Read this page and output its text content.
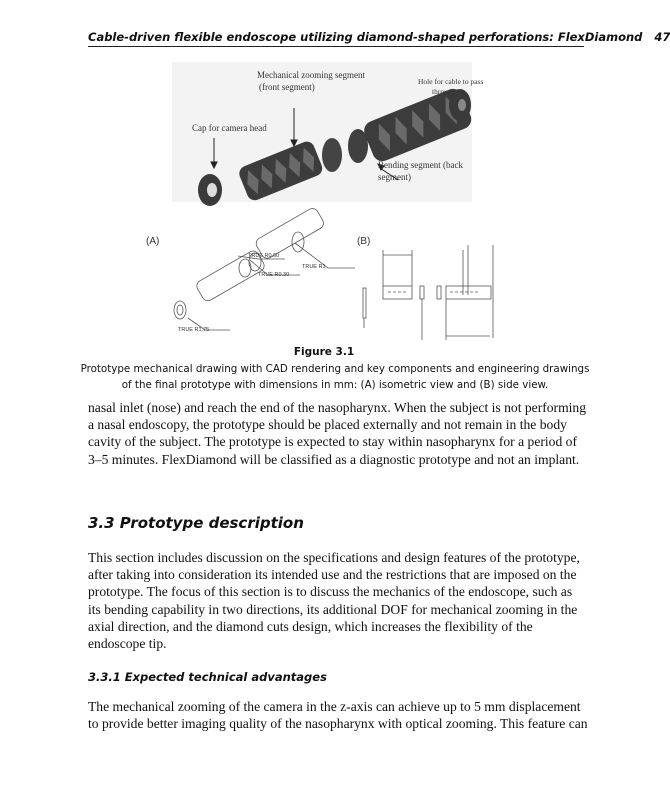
Cable-driven flexible endoscope utilizing diamond-shaped perforations: FlexDiamond 47
Mechanical zooming segment
(front segment)
Hole for cable to pass
through
Cap for camera head
Bending segment (back
segment)
(A)	(B)
TRUE R1
TRUE R0.30
TRUE R0.60
TRUE R1.75
Figure 3.1
Prototype mechanical drawing with CAD rendering and key components and engineering drawings
of the final prototype with dimensions in mm: (A) isometric view and (B) side view.

nasal inlet (nose) and reach the end of the nasopharynx. When the subject is not performing a nasal endoscopy, the prototype should be placed externally and not remain in the body cavity of the subject. The prototype is expected to stay within nasopharynx for a period of 3–5 minutes. FlexDiamond will be classified as a diagnostic prototype and not an implant.

3.3 Prototype description

This section includes discussion on the specifications and design features of the prototype, after taking into consideration its intended use and the restrictions that are imposed on the prototype. The focus of this section is to discuss the mechanics of the endoscope, such as its bending capability in two directions, its additional DOF for mechanical zooming in the axial direction, and the diamond cuts design, which increases the flexibility of the endoscope tip.

3.3.1 Expected technical advantages

The mechanical zooming of the camera in the z-axis can achieve up to 5 mm displacement to provide better imaging quality of the nasopharynx with optical zooming. This feature can
